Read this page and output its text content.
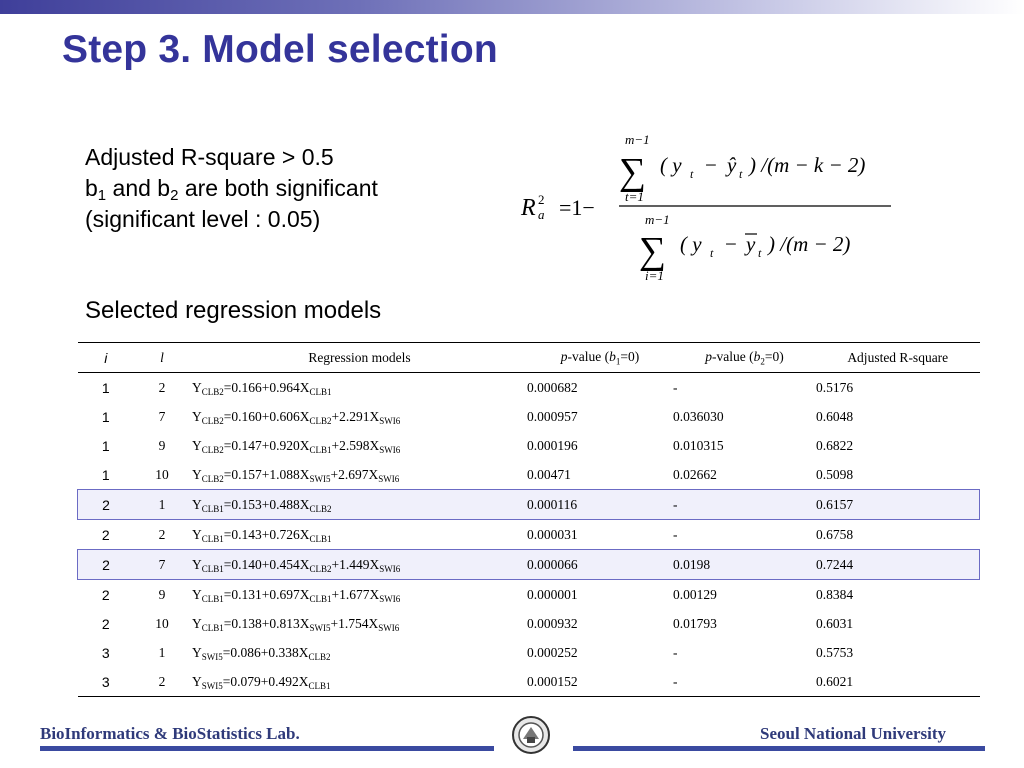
Step 3. Model selection
Adjusted R-square > 0.5
$b_1$ and $b_2$ are both significant
(significant level : 0.05)	R 2
a =1−
m−1
∑
t=1
( y t − ŷ t ) /(m − k − 2)
m−1
∑
i=1
( y t − y t ) /(m − 2)
Selected regression models
i	l	Regression models	p-value $(b_1=0)$	p-value $(b_2=0)$	Adjusted R-square
1	2	$Y_{CLB2}=0.166+0.964X_{CLB1}$	0.000682	-	0.5176
1	7	$Y_{CLB2}=0.160+0.606X_{CLB2}+2.291X_{SWI6}$	0.000957	0.036030	0.6048
1	9	$Y_{CLB2}=0.147+0.920X_{CLB1}+2.598X_{SWI6}$	0.000196	0.010315	0.6822
1	10	$Y_{CLB2}=0.157+1.088X_{SWI5}+2.697X_{SWI6}$	0.00471	0.02662	0.5098
2	1	$Y_{CLB1}=0.153+0.488X_{CLB2}$	0.000116	-	0.6157
2	2	$Y_{CLB1}=0.143+0.726X_{CLB1}$	0.000031	-	0.6758
2	7	$Y_{CLB1}=0.140+0.454X_{CLB2}+1.449X_{SWI6}$	0.000066	0.0198	0.7244
2	9	$Y_{CLB1}=0.131+0.697X_{CLB1}+1.677X_{SWI6}$	0.000001	0.00129	0.8384
2	10	$Y_{CLB1}=0.138+0.813X_{SWI5}+1.754X_{SWI6}$	0.000932	0.01793	0.6031
3	1	$Y_{SWI5}=0.086+0.338X_{CLB2}$	0.000252	-	0.5753
3	2	$Y_{SWI5}=0.079+0.492X_{CLB1}$	0.000152	-	0.6021
BioInformatics & BioStatistics Lab.	Seoul National University
